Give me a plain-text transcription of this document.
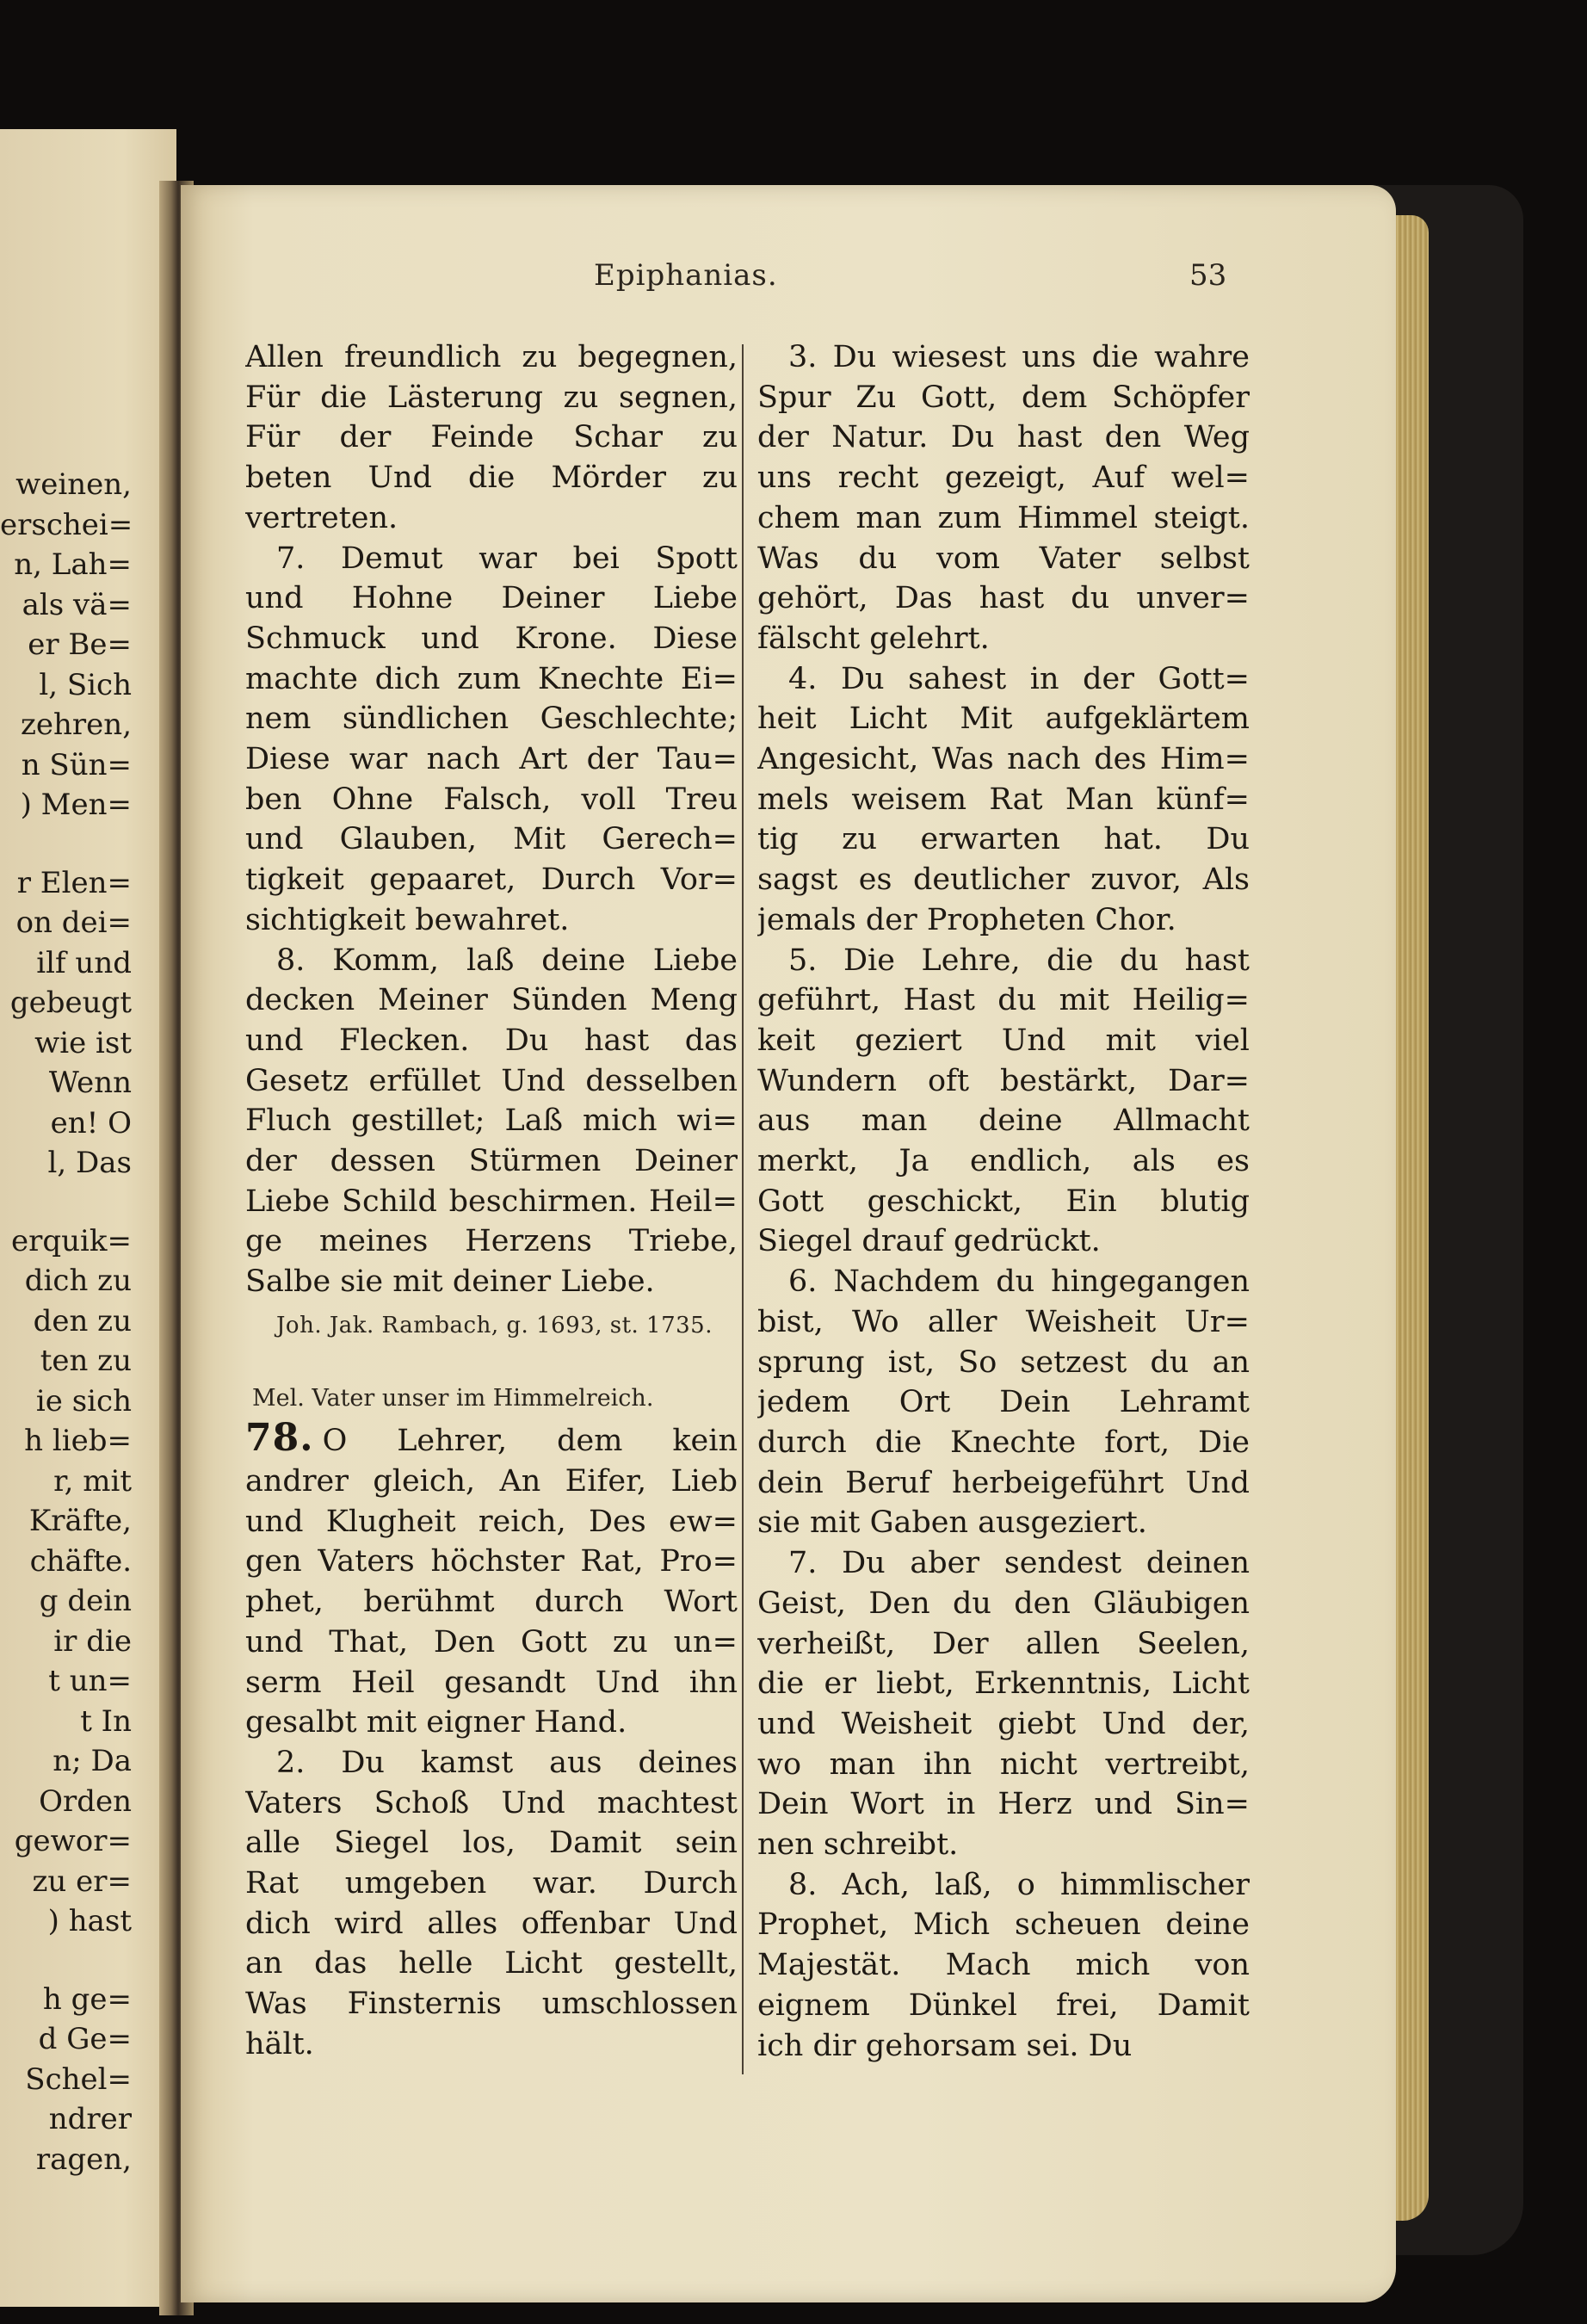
weinen,
erschei=
n, Lah=
als vä=
er Be=
l, Sich
zehren,
n Sün=
) Men=
r Elen=
on dei=
ilf und
gebeugt
wie ist
Wenn
en! O
l, Das
erquik=
dich zu
den zu
ten zu
ie sich
h lieb=
r, mit
Kräfte,
chäfte.
g dein
ir die
t un=
t In
n; Da
Orden
gewor=
zu er=
) hast
h ge=
d Ge=
Schel=
ndrer
ragen,
Epiphanias.	53
Allen freundlich zu begegnen,
Für die Lästerung zu segnen,
Für der Feinde Schar zu
beten Und die Mörder zu
vertreten.
7. Demut war bei Spott
und Hohne Deiner Liebe
Schmuck und Krone. Diese
machte dich zum Knechte Ei=
nem sündlichen Geschlechte;
Diese war nach Art der Tau=
ben Ohne Falsch, voll Treu
und Glauben, Mit Gerech=
tigkeit gepaaret, Durch Vor=
sichtigkeit bewahret.
8. Komm, laß deine Liebe
decken Meiner Sünden Meng
und Flecken. Du hast das
Gesetz erfüllet Und desselben
Fluch gestillet; Laß mich wi=
der dessen Stürmen Deiner
Liebe Schild beschirmen. Heil=
ge meines Herzens Triebe,
Salbe sie mit deiner Liebe.
Joh. Jak. Rambach, g. 1693, st. 1735.
Mel. Vater unser im Himmelreich.
78. O Lehrer, dem kein
andrer gleich, An Eifer, Lieb
und Klugheit reich, Des ew=
gen Vaters höchster Rat, Pro=
phet, berühmt durch Wort
und That, Den Gott zu un=
serm Heil gesandt Und ihn
gesalbt mit eigner Hand.
2. Du kamst aus deines
Vaters Schoß Und machtest
alle Siegel los, Damit sein
Rat umgeben war. Durch
dich wird alles offenbar Und
an das helle Licht gestellt,
Was Finsternis umschlossen
hält.
3. Du wiesest uns die wahre
Spur Zu Gott, dem Schöpfer
der Natur. Du hast den Weg
uns recht gezeigt, Auf wel=
chem man zum Himmel steigt.
Was du vom Vater selbst
gehört, Das hast du unver=
fälscht gelehrt.
4. Du sahest in der Gott=
heit Licht Mit aufgeklärtem
Angesicht, Was nach des Him=
mels weisem Rat Man künf=
tig zu erwarten hat. Du
sagst es deutlicher zuvor, Als
jemals der Propheten Chor.
5. Die Lehre, die du hast
geführt, Hast du mit Heilig=
keit geziert Und mit viel
Wundern oft bestärkt, Dar=
aus man deine Allmacht
merkt, Ja endlich, als es
Gott geschickt, Ein blutig
Siegel drauf gedrückt.
6. Nachdem du hingegangen
bist, Wo aller Weisheit Ur=
sprung ist, So setzest du an
jedem Ort Dein Lehramt
durch die Knechte fort, Die
dein Beruf herbeigeführt Und
sie mit Gaben ausgeziert.
7. Du aber sendest deinen
Geist, Den du den Gläubigen
verheißt, Der allen Seelen,
die er liebt, Erkenntnis, Licht
und Weisheit giebt Und der,
wo man ihn nicht vertreibt,
Dein Wort in Herz und Sin=
nen schreibt.
8. Ach, laß, o himmlischer
Prophet, Mich scheuen deine
Majestät. Mach mich von
eignem Dünkel frei, Damit
ich dir gehorsam sei. Du
